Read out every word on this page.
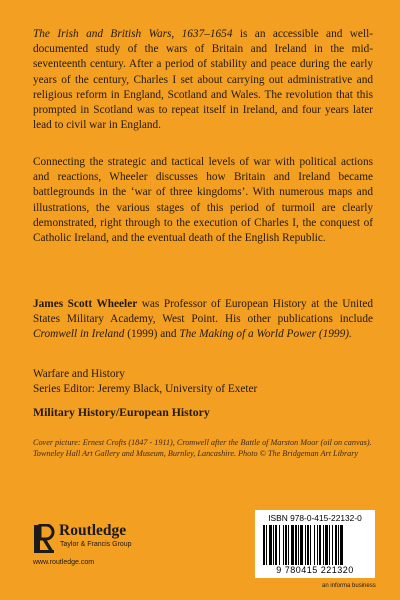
The Irish and British Wars, 1637–1654 is an accessible and well-documented study of the wars of Britain and Ireland in the mid-seventeenth century. After a period of stability and peace during the early years of the century, Charles I set about carrying out administrative and religious reform in England, Scotland and Wales. The revolution that this prompted in Scotland was to repeat itself in Ireland, and four years later lead to civil war in England.

Connecting the strategic and tactical levels of war with political actions and reactions, Wheeler discusses how Britain and Ireland became battlegrounds in the ‘war of three kingdoms’. With numerous maps and illustrations, the various stages of this period of turmoil are clearly demonstrated, right through to the execution of Charles I, the conquest of Catholic Ireland, and the eventual death of the English Republic.

James Scott Wheeler was Professor of European History at the United States Military Academy, West Point. His other publications include Cromwell in Ireland (1999) and The Making of a World Power (1999).

Warfare and History
Series Editor: Jeremy Black, University of Exeter
Military History/European History
Cover picture: Ernest Crofts (1847 - 1911), Cromwell after the Battle of Marston Moor (oil on canvas). Towneley Hall Art Gallery and Museum, Burnley, Lancashire. Photo © The Bridgeman Art Library
Routledge
Taylor & Francis Group
www.routledge.com
ISBN 978-0-415-22132-0
9 780415 221320
an informa business
